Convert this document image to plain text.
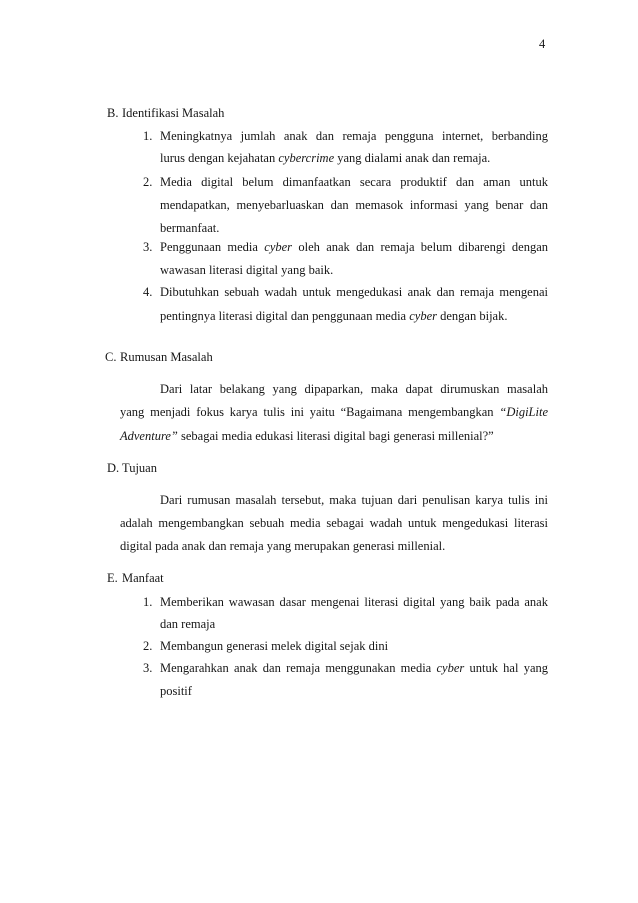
4
B. Identifikasi Masalah
1. Meningkatnya jumlah anak dan remaja pengguna internet, berbanding
lurus dengan kejahatan cybercrime yang dialami anak dan remaja.
2. Media digital belum dimanfaatkan secara produktif dan aman untuk
mendapatkan, menyebarluaskan dan memasok informasi yang benar dan
bermanfaat.
3. Penggunaan media cyber oleh anak dan remaja belum dibarengi dengan
wawasan literasi digital yang baik.
4. Dibutuhkan sebuah wadah untuk mengedukasi anak dan remaja mengenai
pentingnya literasi digital dan penggunaan media cyber dengan bijak.
C. Rumusan Masalah
Dari latar belakang yang dipaparkan, maka dapat dirumuskan masalah
yang menjadi fokus karya tulis ini yaitu “Bagaimana mengembangkan “DigiLite
Adventure” sebagai media edukasi literasi digital bagi generasi millenial?”
D. Tujuan
Dari rumusan masalah tersebut, maka tujuan dari penulisan karya tulis ini
adalah mengembangkan sebuah media sebagai wadah untuk mengedukasi literasi
digital pada anak dan remaja yang merupakan generasi millenial.
E. Manfaat
1. Memberikan wawasan dasar mengenai literasi digital yang baik pada anak
dan remaja
2. Membangun generasi melek digital sejak dini
3. Mengarahkan anak dan remaja menggunakan media cyber untuk hal yang
positif
